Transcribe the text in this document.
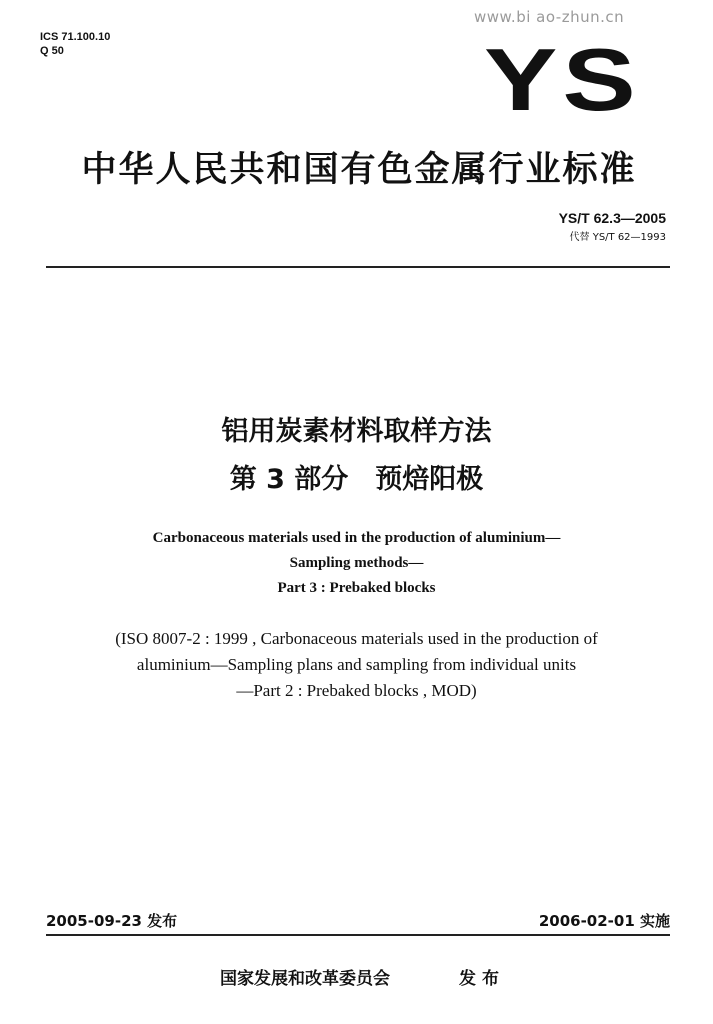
www.bi ao-zhun.cn
ICS 71.100.10
Q 50	YS
中华人民共和国有色金属行业标准
YS/T 62.3—2005
代替 YS/T 62—1993
铝用炭素材料取样方法
第 3 部分　预焙阳极
Carbonaceous materials used in the production of aluminium—
Sampling methods—
Part 3 : Prebaked blocks
(ISO 8007-2 : 1999 , Carbonaceous materials used in the production of
aluminium—Sampling plans and sampling from individual units
—Part 2 : Prebaked blocks , MOD)
2005-09-23 发布	2006-02-01 实施
国家发展和改革委员会	发布
